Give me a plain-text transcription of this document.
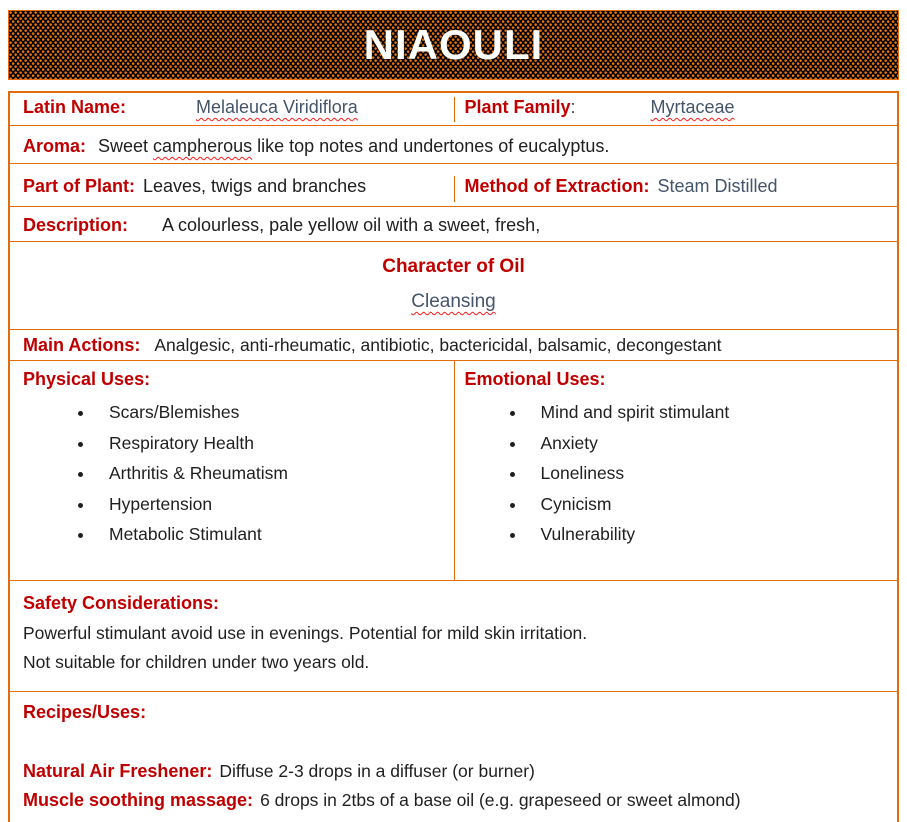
NIAOULI
Latin Name:	Melaleuca Viridiflora	Plant Family:	Myrtaceae
Aroma: Sweet campherous like top notes and undertones of eucalyptus.
Part of Plant: Leaves, twigs and branches	Method of Extraction: Steam Distilled
Description: A colourless, pale yellow oil with a sweet, fresh,
Character of Oil
Cleansing
Main Actions: Analgesic, anti-rheumatic, antibiotic, bactericidal, balsamic, decongestant
Physical Uses:
• Scars/Blemishes
• Respiratory Health
• Arthritis & Rheumatism
• Hypertension
• Metabolic Stimulant
Emotional Uses:
• Mind and spirit stimulant
• Anxiety
• Loneliness
• Cynicism
• Vulnerability
Safety Considerations:
Powerful stimulant avoid use in evenings. Potential for mild skin irritation.
Not suitable for children under two years old.
Recipes/Uses:
Natural Air Freshener: Diffuse 2-3 drops in a diffuser (or burner)
Muscle soothing massage: 6 drops in 2tbs of a base oil (e.g. grapeseed or sweet almond)
